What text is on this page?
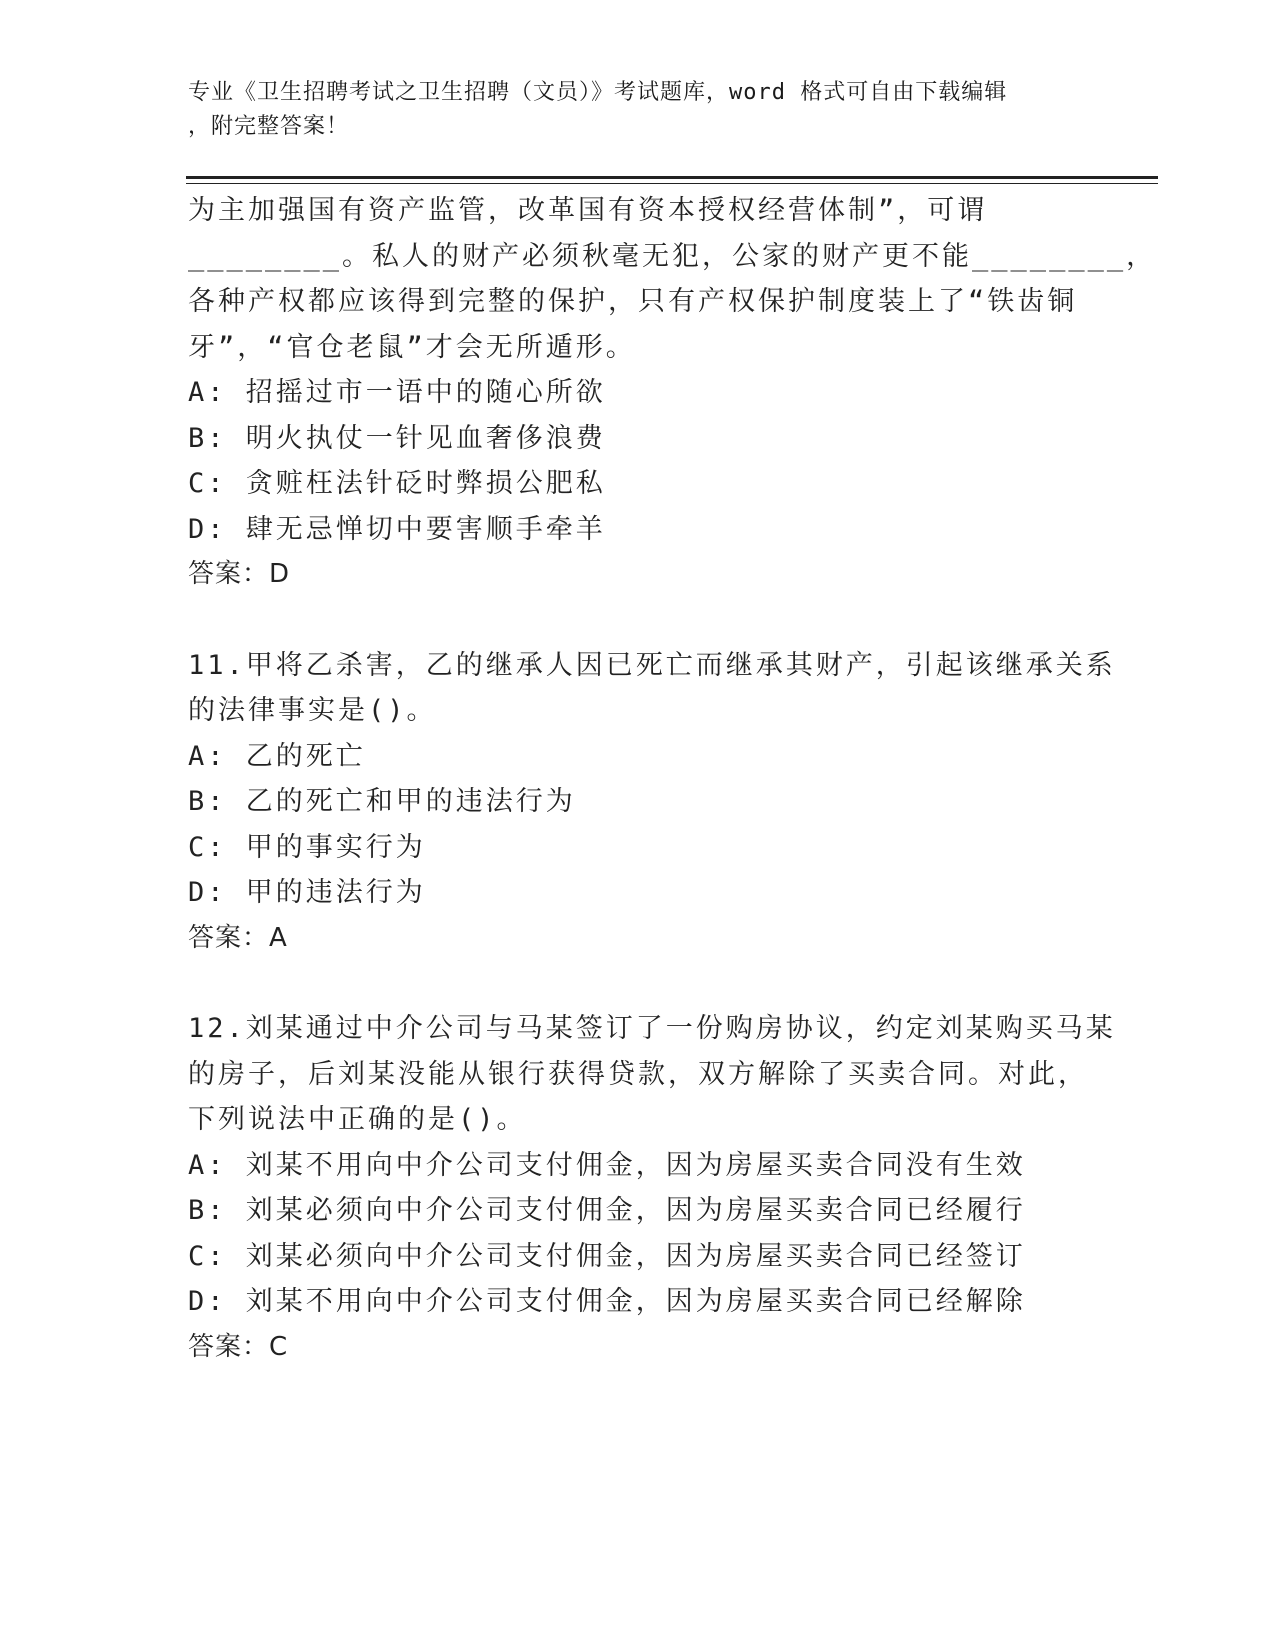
专业《卫生招聘考试之卫生招聘（文员）》考试题库，word 格式可自由下载编辑
，附完整答案！
为主加强国有资产监管，改革国有资本授权经营体制”，可谓
________。私人的财产必须秋毫无犯，公家的财产更不能________，
各种产权都应该得到完整的保护，只有产权保护制度装上了“铁齿铜
牙”，“官仓老鼠”才会无所遁形。
A: 招摇过市一语中的随心所欲
B: 明火执仗一针见血奢侈浪费
C: 贪赃枉法针砭时弊损公肥私
D: 肆无忌惮切中要害顺手牵羊
答案：D
11.甲将乙杀害，乙的继承人因已死亡而继承其财产，引起该继承关系
的法律事实是()。
A: 乙的死亡
B: 乙的死亡和甲的违法行为
C: 甲的事实行为
D: 甲的违法行为
答案：A
12.刘某通过中介公司与马某签订了一份购房协议，约定刘某购买马某
的房子，后刘某没能从银行获得贷款，双方解除了买卖合同。对此，
下列说法中正确的是()。
A: 刘某不用向中介公司支付佣金，因为房屋买卖合同没有生效
B: 刘某必须向中介公司支付佣金，因为房屋买卖合同已经履行
C: 刘某必须向中介公司支付佣金，因为房屋买卖合同已经签订
D: 刘某不用向中介公司支付佣金，因为房屋买卖合同已经解除
答案：C
